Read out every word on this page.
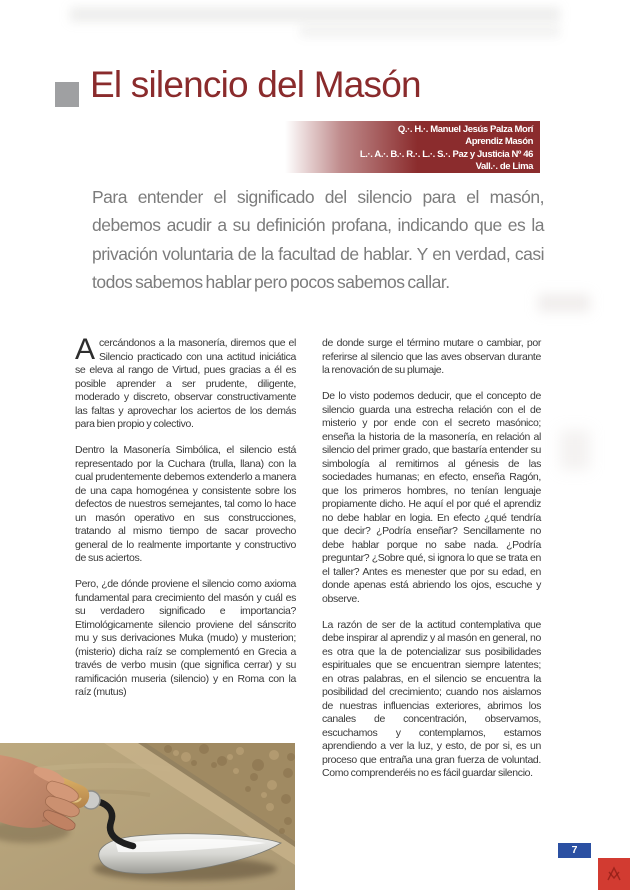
El silencio del Masón
Q.·. H.·. Manuel Jesús Palza Morí
Aprendiz Masón
L.·. A.·. B.·. R.·. L.·. S.·. Paz y Justicia Nº 46
Vall.·. de Lima

Para entender el significado del silencio para el masón, debemos acudir a su definición profana, indicando que es la privación voluntaria de la facultad de hablar. Y en verdad, casi todos sabemos hablar pero pocos sabemos callar.

Acercándonos a la masonería, diremos que el Silencio practicado con una actitud iniciática se eleva al rango de Virtud, pues gracias a él es posible aprender a ser prudente, diligente, moderado y discreto, observar constructivamente las faltas y aprovechar los aciertos de los demás para bien propio y colectivo.

Dentro la Masonería Simbólica, el silencio está representado por la Cuchara (trulla, llana) con la cual prudentemente debemos extenderlo a manera de una capa homogénea y consistente sobre los defectos de nuestros semejantes, tal como lo hace un masón operativo en sus construcciones, tratando al mismo tiempo de sacar provecho general de lo realmente importante y constructivo de sus aciertos.

Pero, ¿de dónde proviene el silencio como axioma fundamental para crecimiento del masón y cuál es su verdadero significado e importancia? Etimológicamente silencio proviene del sánscrito mu y sus derivaciones Muka (mudo) y musterion; (misterio) dicha raíz se complementó en Grecia a través de verbo musin (que significa cerrar) y su ramificación museria (silencio) y en Roma con la raíz (mutus)

de donde surge el término mutare o cambiar, por referirse al silencio que las aves observan durante la renovación de su plumaje.

De lo visto podemos deducir, que el concepto de silencio guarda una estrecha relación con el de misterio y por ende con el secreto masónico; enseña la historia de la masonería, en relación al silencio del primer grado, que bastaría entender su simbología al remitirnos al génesis de las sociedades humanas; en efecto, enseña Ragón, que los primeros hombres, no tenían lenguaje propiamente dicho. He aquí el por qué el aprendiz no debe hablar en logia. En efecto ¿qué tendría que decir? ¿Podría enseñar? Sencillamente no debe hablar porque no sabe nada. ¿Podría preguntar? ¿Sobre qué, si ignora lo que se trata en el taller? Antes es menester que por su edad, en donde apenas está abriendo los ojos, escuche y observe.

La razón de ser de la actitud contemplativa que debe inspirar al aprendiz y al masón en general, no es otra que la de potencializar sus posibilidades espirituales que se encuentran siempre latentes; en otras palabras, en el silencio se encuentra la posibilidad del crecimiento; cuando nos aislamos de nuestras influencias exteriores, abrimos los canales de concentración, observamos, escuchamos y contemplamos, estamos aprendiendo a ver la luz, y esto, de por si, es un proceso que entraña una gran fuerza de voluntad. Como comprenderéis no es fácil guardar silencio.

7
